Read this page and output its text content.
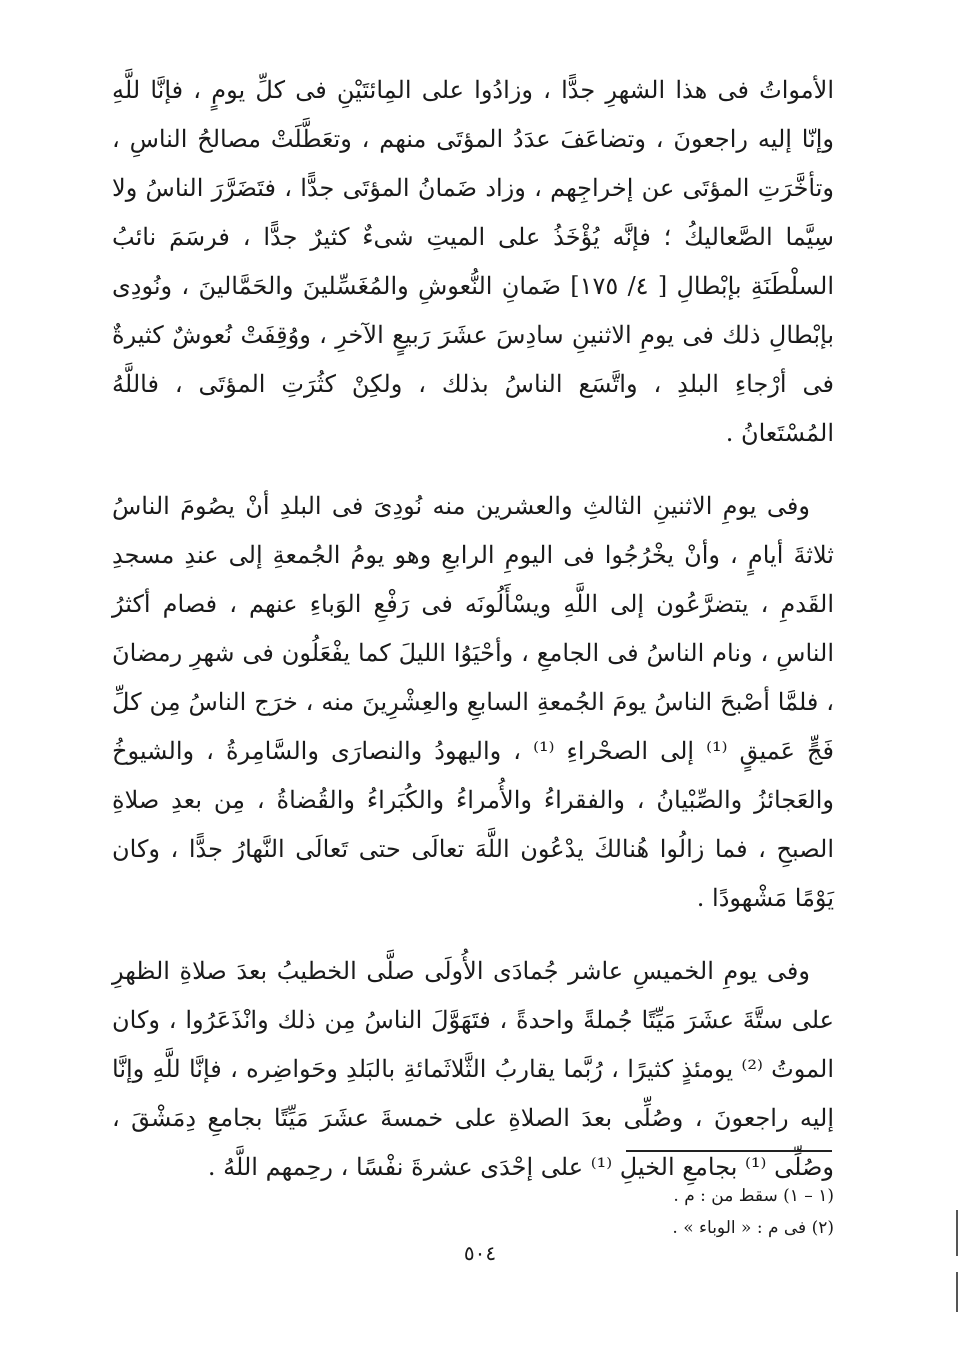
الأمواتُ فى هذا الشهرِ جدًّا ، وزادُوا على المِائتَيْنِ فى كلِّ يومٍ ، فإنَّا للَّهِ وإنّا إليه راجعونَ ، وتضاعَفَ عدَدُ المؤتَى منهم ، وتعَطَّلَتْ مصالحُ الناسِ ، وتأخَّرَتِ المؤتَى عن إخراجِهم ، وزاد ضَمانُ المؤتَى جدًّا ، فتَضَرَّرَ الناسُ ولا سِيَّما الصَّعاليكُ ؛ فإنَّه يُؤْخَذُ على الميتِ شىءٌ كثيرٌ جدًّا ، فرسَمَ نائبُ السلْطَنَةِ بإبْطالِ [ ٤/ ١٧٥] ضَمانِ النُّعوشِ والمُغَسِّلينَ والحَمَّالينَ ، ونُودِى بإبْطالِ ذلك فى يومِ الاثنينِ سادِسَ عشَرَ رَبيعٍ الآخرِ ، ووُقِفَتْ نُعوشٌ كثيرةٌ فى أرْجاءِ البلدِ ، واتَّسَع الناسُ بذلك ، ولكِنْ كثُرَتِ المؤتَى ، فاللَّهُ المُسْتَعانُ .

وفى يومِ الاثنينِ الثالثِ والعشرين منه نُودِىَ فى البلدِ أنْ يصُومَ الناسُ ثلاثةَ أيامٍ ، وأنْ يخْرُجُوا فى اليومِ الرابعِ وهو يومُ الجُمعةِ إلى عندِ مسجدِ القَدمِ ، يتضرَّعُون إلى اللَّهِ ويسْأَلُونَه فى رَفْعِ الوَباءِ عنهم ، فصام أكثرُ الناسِ ، ونام الناسُ فى الجامعِ ، وأحْيَوُا الليلَ كما يفْعَلُون فى شهرِ رمضانَ ، فلمَّا أصْبحَ الناسُ يومَ الجُمعةِ السابعِ والعِشْرِينَ منه ، خرَج الناسُ مِن كلِّ فَجٍّ عَميقٍ ⁽¹⁾ إلى الصحْراءِ ⁽¹⁾ ، واليهودُ والنصارَى والسَّامِرةُ ، والشيوخُ والعَجائزُ والصِّبْيانُ ، والفقراءُ والأُمراءُ والكُبَراءُ والقُضاةُ ، مِن بعدِ صلاةِ الصبحِ ، فما زالُوا هُنالكَ يدْعُون اللَّهَ تعالَى حتى تَعالَى النَّهارُ جدًّا ، وكان يَوْمًا مَشْهودًا .

وفى يومِ الخميسِ عاشر جُمادَى الأُولَى صلَّى الخطيبُ بعدَ صلاةِ الظهرِ على ستَّةَ عشَرَ مَيِّتًا جُملةً واحدةً ، فتَهَوَّلَ الناسُ مِن ذلك وانْذَعَرُوا ، وكان الموتُ ⁽²⁾ يومئذٍ كثيرًا ، رُبَّما يقاربُ الثَّلاثَمائةِ بالبَلدِ وحَواضِره ، فإنَّا للَّهِ وإنَّا إليه راجعونَ ، وصُلِّى بعدَ الصلاةِ على خمسةَ عشَرَ مَيِّتًا بجامعِ دِمَشْقَ ، وصُلِّى ⁽¹⁾ بجامعِ الخيلِ ⁽¹⁾ على إحْدَى عشرةَ نفْسًا ، رحِمهم اللَّهُ .

(١ – ١) سقط من : م .
(٢) فى م : « الوباء » .
٥٠٤
